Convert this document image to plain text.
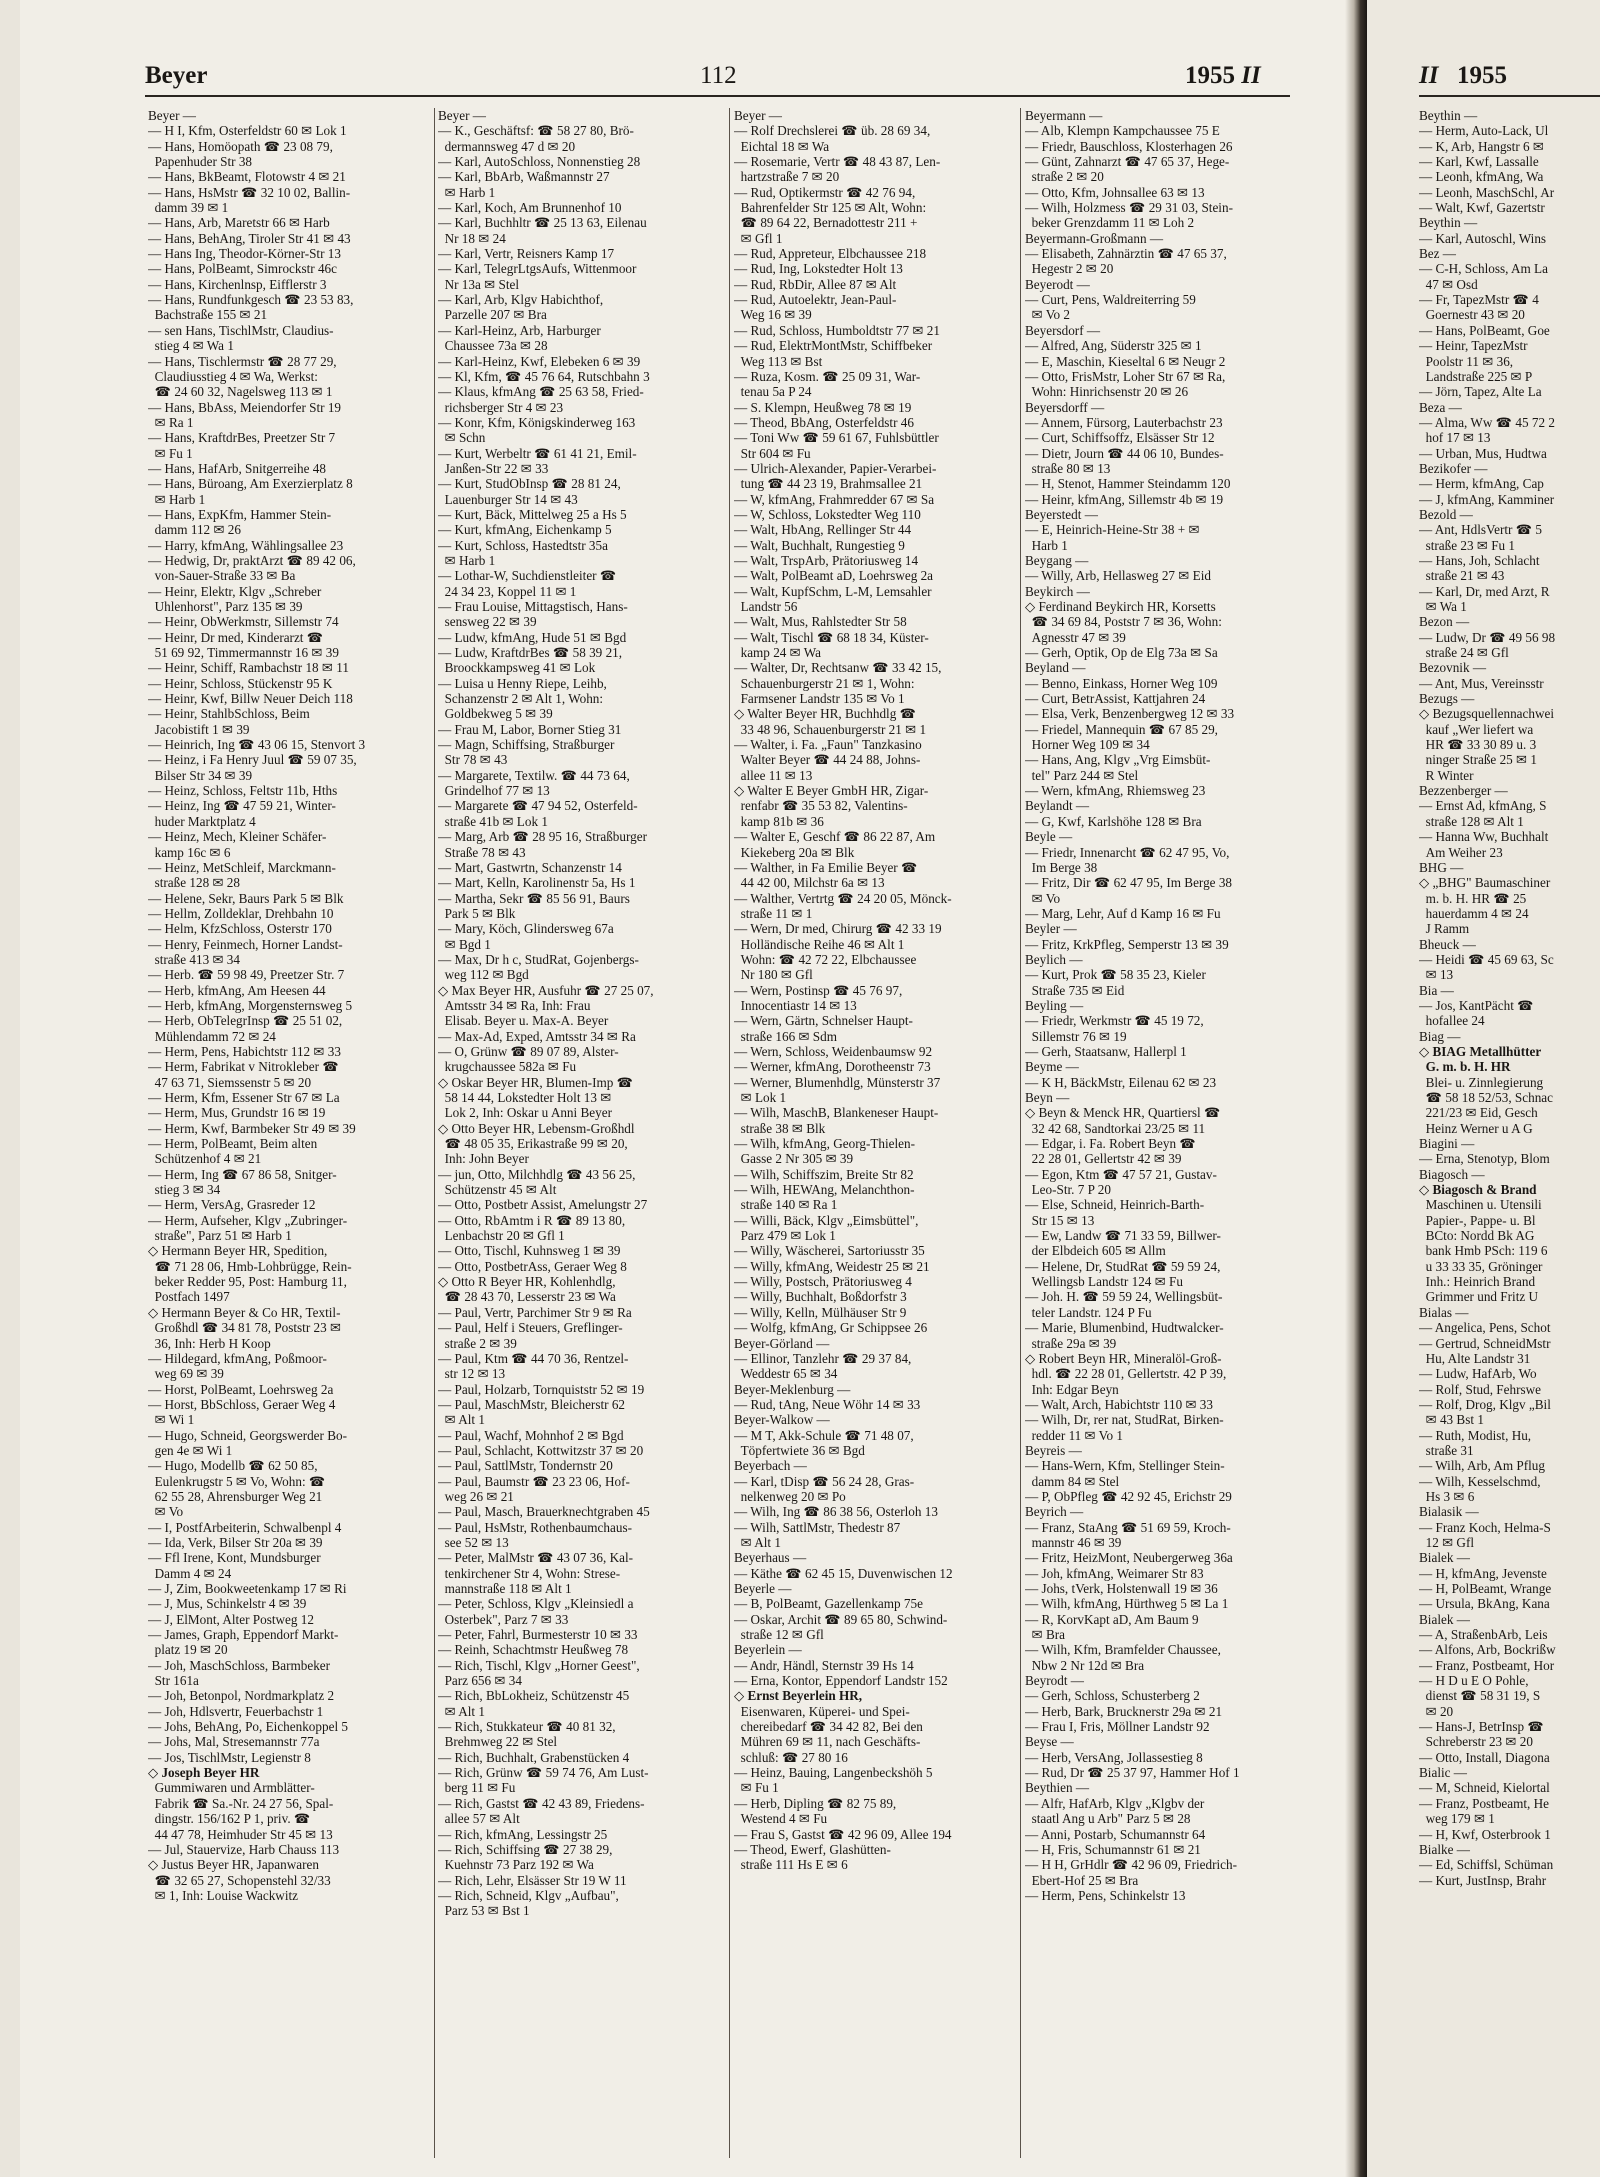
Beyer	112	1955 II
Beyer —
— H I, Kfm, Osterfeldstr 60 ✉ Lok 1
— Hans, Homöopath ☎ 23 08 79,
Papenhuder Str 38
— Hans, BkBeamt, Flotowstr 4 ✉ 21
— Hans, HsMstr ☎ 32 10 02, Ballin-
damm 39 ✉ 1
— Hans, Arb, Maretstr 66 ✉ Harb
— Hans, BehAng, Tiroler Str 41 ✉ 43
— Hans Ing, Theodor-Körner-Str 13
— Hans, PolBeamt, Simrockstr 46c
— Hans, Kirchenlnsp, Eifflerstr 3
— Hans, Rundfunkgesch ☎ 23 53 83,
Bachstraße 155 ✉ 21
— sen Hans, TischlMstr, Claudius-
stieg 4 ✉ Wa 1
— Hans, Tischlermstr ☎ 28 77 29,
Claudiusstieg 4 ✉ Wa, Werkst:
☎ 24 60 32, Nagelsweg 113 ✉ 1
— Hans, BbAss, Meiendorfer Str 19
✉ Ra 1
— Hans, KraftdrBes, Preetzer Str 7
✉ Fu 1
— Hans, HafArb, Snitgerreihe 48
— Hans, Büroang, Am Exerzierplatz 8
✉ Harb 1
— Hans, ExpKfm, Hammer Stein-
damm 112 ✉ 26
— Harry, kfmAng, Wählingsallee 23
— Hedwig, Dr, praktArzt ☎ 89 42 06,
von-Sauer-Straße 33 ✉ Ba
— Heinr, Elektr, Klgv „Schreber
Uhlenhorst", Parz 135 ✉ 39
— Heinr, ObWerkmstr, Sillemstr 74
— Heinr, Dr med, Kinderarzt ☎
51 69 92, Timmermannstr 16 ✉ 39
— Heinr, Schiff, Rambachstr 18 ✉ 11
— Heinr, Schloss, Stückenstr 95 K
— Heinr, Kwf, Billw Neuer Deich 118
— Heinr, StahlbSchloss, Beim
Jacobistift 1 ✉ 39
— Heinrich, Ing ☎ 43 06 15, Stenvort 3
— Heinz, i Fa Henry Juul ☎ 59 07 35,
Bilser Str 34 ✉ 39
— Heinz, Schloss, Feltstr 11b, Hths
— Heinz, Ing ☎ 47 59 21, Winter-
huder Marktplatz 4
— Heinz, Mech, Kleiner Schäfer-
kamp 16c ✉ 6
— Heinz, MetSchleif, Marckmann-
straße 128 ✉ 28
— Helene, Sekr, Baurs Park 5 ✉ Blk
— Hellm, Zolldeklar, Drehbahn 10
— Helm, KfzSchloss, Osterstr 170
— Henry, Feinmech, Horner Landst-
straße 413 ✉ 34
— Herb. ☎ 59 98 49, Preetzer Str. 7
— Herb, kfmAng, Am Heesen 44
— Herb, kfmAng, Morgensternsweg 5
— Herb, ObTelegrInsp ☎ 25 51 02,
Mühlendamm 72 ✉ 24
— Herm, Pens, Habichtstr 112 ✉ 33
— Herm, Fabrikat v Nitrokleber ☎
47 63 71, Siemssenstr 5 ✉ 20
— Herm, Kfm, Essener Str 67 ✉ La
— Herm, Mus, Grundstr 16 ✉ 19
— Herm, Kwf, Barmbeker Str 49 ✉ 39
— Herm, PolBeamt, Beim alten
Schützenhof 4 ✉ 21
— Herm, Ing ☎ 67 86 58, Snitger-
stieg 3 ✉ 34
— Herm, VersAg, Grasreder 12
— Herm, Aufseher, Klgv „Zubringer-
straße", Parz 51 ✉ Harb 1
◇ Hermann Beyer HR, Spedition,
☎ 71 28 06, Hmb-Lohbrügge, Rein-
beker Redder 95, Post: Hamburg 11,
Postfach 1497
◇ Hermann Beyer & Co HR, Textil-
Großhdl ☎ 34 81 78, Poststr 23 ✉
36, Inh: Herb H Koop
— Hildegard, kfmAng, Poßmoor-
weg 69 ✉ 39
— Horst, PolBeamt, Loehrsweg 2a
— Horst, BbSchloss, Geraer Weg 4
✉ Wi 1
— Hugo, Schneid, Georgswerder Bo-
gen 4e ✉ Wi 1
— Hugo, Modellb ☎ 62 50 85,
Eulenkrugstr 5 ✉ Vo, Wohn: ☎
62 55 28, Ahrensburger Weg 21
✉ Vo
— I, PostfArbeiterin, Schwalbenpl 4
— Ida, Verk, Bilser Str 20a ✉ 39
— Ffl Irene, Kont, Mundsburger
Damm 4 ✉ 24
— J, Zim, Bookweetenkamp 17 ✉ Ri
— J, Mus, Schinkelstr 4 ✉ 39
— J, ElMont, Alter Postweg 12
— James, Graph, Eppendorf Markt-
platz 19 ✉ 20
— Joh, MaschSchloss, Barmbeker
Str 161a
— Joh, Betonpol, Nordmarkplatz 2
— Joh, Hdlsvertr, Feuerbachstr 1
— Johs, BehAng, Po, Eichenkoppel 5
— Johs, Mal, Stresemannstr 77a
— Jos, TischlMstr, Legienstr 8
◇ Joseph Beyer HR
Gummiwaren und Armblätter-
Fabrik ☎ Sa.-Nr. 24 27 56, Spal-
dingstr. 156/162 P 1, priv. ☎
44 47 78, Heimhuder Str 45 ✉ 13
— Jul, Stauervize, Harb Chauss 113
◇ Justus Beyer HR, Japanwaren
☎ 32 65 27, Schopenstehl 32/33
✉ 1, Inh: Louise Wackwitz
Beyer —
— K., Geschäftsf: ☎ 58 27 80, Brö-
dermannsweg 47 d ✉ 20
— Karl, AutoSchloss, Nonnenstieg 28
— Karl, BbArb, Waßmannstr 27
✉ Harb 1
— Karl, Koch, Am Brunnenhof 10
— Karl, Buchhltr ☎ 25 13 63, Eilenau
Nr 18 ✉ 24
— Karl, Vertr, Reisners Kamp 17
— Karl, TelegrLtgsAufs, Wittenmoor
Nr 13a ✉ Stel
— Karl, Arb, Klgv Habichthof,
Parzelle 207 ✉ Bra
— Karl-Heinz, Arb, Harburger
Chaussee 73a ✉ 28
— Karl-Heinz, Kwf, Elebeken 6 ✉ 39
— Kl, Kfm, ☎ 45 76 64, Rutschbahn 3
— Klaus, kfmAng ☎ 25 63 58, Fried-
richsberger Str 4 ✉ 23
— Konr, Kfm, Königskinderweg 163
✉ Schn
— Kurt, Werbeltr ☎ 61 41 21, Emil-
Janßen-Str 22 ✉ 33
— Kurt, StudObInsp ☎ 28 81 24,
Lauenburger Str 14 ✉ 43
— Kurt, Bäck, Mittelweg 25 a Hs 5
— Kurt, kfmAng, Eichenkamp 5
— Kurt, Schloss, Hastedtstr 35a
✉ Harb 1
— Lothar-W, Suchdienstleiter ☎
24 34 23, Koppel 11 ✉ 1
— Frau Louise, Mittagstisch, Hans-
sensweg 22 ✉ 39
— Ludw, kfmAng, Hude 51 ✉ Bgd
— Ludw, KraftdrBes ☎ 58 39 21,
Broockkampsweg 41 ✉ Lok
— Luisa u Henny Riepe, Leihb,
Schanzenstr 2 ✉ Alt 1, Wohn:
Goldbekweg 5 ✉ 39
— Frau M, Labor, Borner Stieg 31
— Magn, Schiffsing, Straßburger
Str 78 ✉ 43
— Margarete, Textilw. ☎ 44 73 64,
Grindelhof 77 ✉ 13
— Margarete ☎ 47 94 52, Osterfeld-
straße 41b ✉ Lok 1
— Marg, Arb ☎ 28 95 16, Straßburger
Straße 78 ✉ 43
— Mart, Gastwrtn, Schanzenstr 14
— Mart, Kelln, Karolinenstr 5a, Hs 1
— Martha, Sekr ☎ 85 56 91, Baurs
Park 5 ✉ Blk
— Mary, Köch, Glindersweg 67a
✉ Bgd 1
— Max, Dr h c, StudRat, Gojenbergs-
weg 112 ✉ Bgd
◇ Max Beyer HR, Ausfuhr ☎ 27 25 07,
Amtsstr 34 ✉ Ra, Inh: Frau
Elisab. Beyer u. Max-A. Beyer
— Max-Ad, Exped, Amtsstr 34 ✉ Ra
— O, Grünw ☎ 89 07 89, Alster-
krugchaussee 582a ✉ Fu
◇ Oskar Beyer HR, Blumen-Imp ☎
58 14 44, Lokstedter Holt 13 ✉
Lok 2, Inh: Oskar u Anni Beyer
◇ Otto Beyer HR, Lebensm-Großhdl
☎ 48 05 35, Erikastraße 99 ✉ 20,
Inh: John Beyer
— jun, Otto, Milchhdlg ☎ 43 56 25,
Schützenstr 45 ✉ Alt
— Otto, Postbetr Assist, Amelungstr 27
— Otto, RbAmtm i R ☎ 89 13 80,
Lenbachstr 20 ✉ Gfl 1
— Otto, Tischl, Kuhnsweg 1 ✉ 39
— Otto, PostbetrAss, Geraer Weg 8
◇ Otto R Beyer HR, Kohlenhdlg,
☎ 28 43 70, Lesserstr 23 ✉ Wa
— Paul, Vertr, Parchimer Str 9 ✉ Ra
— Paul, Helf i Steuers, Greflinger-
straße 2 ✉ 39
— Paul, Ktm ☎ 44 70 36, Rentzel-
str 12 ✉ 13
— Paul, Holzarb, Tornquiststr 52 ✉ 19
— Paul, MaschMstr, Bleicherstr 62
✉ Alt 1
— Paul, Wachf, Mohnhof 2 ✉ Bgd
— Paul, Schlacht, Kottwitzstr 37 ✉ 20
— Paul, SattlMstr, Tondernstr 20
— Paul, Baumstr ☎ 23 23 06, Hof-
weg 26 ✉ 21
— Paul, Masch, Brauerknechtgraben 45
— Paul, HsMstr, Rothenbaumchaus-
see 52 ✉ 13
— Peter, MalMstr ☎ 43 07 36, Kal-
tenkirchener Str 4, Wohn: Strese-
mannstraße 118 ✉ Alt 1
— Peter, Schloss, Klgv „Kleinsiedl a
Osterbek", Parz 7 ✉ 33
— Peter, Fahrl, Burmesterstr 10 ✉ 33
— Reinh, Schachtmstr Heußweg 78
— Rich, Tischl, Klgv „Horner Geest",
Parz 656 ✉ 34
— Rich, BbLokheiz, Schützenstr 45
✉ Alt 1
— Rich, Stukkateur ☎ 40 81 32,
Brehmweg 22 ✉ Stel
— Rich, Buchhalt, Grabenstücken 4
— Rich, Grünw ☎ 59 74 76, Am Lust-
berg 11 ✉ Fu
— Rich, Gastst ☎ 42 43 89, Friedens-
allee 57 ✉ Alt
— Rich, kfmAng, Lessingstr 25
— Rich, Schiffsing ☎ 27 38 29,
Kuehnstr 73 Parz 192 ✉ Wa
— Rich, Lehr, Elsässer Str 19 W 11
— Rich, Schneid, Klgv „Aufbau",
Parz 53 ✉ Bst 1
Beyer —
— Rolf Drechslerei ☎ üb. 28 69 34,
Eichtal 18 ✉ Wa
— Rosemarie, Vertr ☎ 48 43 87, Len-
hartzstraße 7 ✉ 20
— Rud, Optikermstr ☎ 42 76 94,
Bahrenfelder Str 125 ✉ Alt, Wohn:
☎ 89 64 22, Bernadottestr 211 +
✉ Gfl 1
— Rud, Appreteur, Elbchaussee 218
— Rud, Ing, Lokstedter Holt 13
— Rud, RbDir, Allee 87 ✉ Alt
— Rud, Autoelektr, Jean-Paul-
Weg 16 ✉ 39
— Rud, Schloss, Humboldtstr 77 ✉ 21
— Rud, ElektrMontMstr, Schiffbeker
Weg 113 ✉ Bst
— Ruza, Kosm. ☎ 25 09 31, War-
tenau 5a P 24
— S. Klempn, Heußweg 78 ✉ 19
— Theod, BbAng, Osterfeldstr 46
— Toni Ww ☎ 59 61 67, Fuhlsbüttler
Str 604 ✉ Fu
— Ulrich-Alexander, Papier-Verarbei-
tung ☎ 44 23 19, Brahmsallee 21
— W, kfmAng, Frahmredder 67 ✉ Sa
— W, Schloss, Lokstedter Weg 110
— Walt, HbAng, Rellinger Str 44
— Walt, Buchhalt, Rungestieg 9
— Walt, TrspArb, Prätoriusweg 14
— Walt, PolBeamt aD, Loehrsweg 2a
— Walt, KupfSchm, L-M, Lemsahler
Landstr 56
— Walt, Mus, Rahlstedter Str 58
— Walt, Tischl ☎ 68 18 34, Küster-
kamp 24 ✉ Wa
— Walter, Dr, Rechtsanw ☎ 33 42 15,
Schauenburgerstr 21 ✉ 1, Wohn:
Farmsener Landstr 135 ✉ Vo 1
◇ Walter Beyer HR, Buchhdlg ☎
33 48 96, Schauenburgerstr 21 ✉ 1
— Walter, i. Fa. „Faun" Tanzkasino
Walter Beyer ☎ 44 24 88, Johns-
allee 11 ✉ 13
◇ Walter E Beyer GmbH HR, Zigar-
renfabr ☎ 35 53 82, Valentins-
kamp 81b ✉ 36
— Walter E, Geschf ☎ 86 22 87, Am
Kiekeberg 20a ✉ Blk
— Walther, in Fa Emilie Beyer ☎
44 42 00, Milchstr 6a ✉ 13
— Walther, Vertrtg ☎ 24 20 05, Mönck-
straße 11 ✉ 1
— Wern, Dr med, Chirurg ☎ 42 33 19
Holländische Reihe 46 ✉ Alt 1
Wohn: ☎ 42 72 22, Elbchaussee
Nr 180 ✉ Gfl
— Wern, Postinsp ☎ 45 76 97,
Innocentiastr 14 ✉ 13
— Wern, Gärtn, Schnelser Haupt-
straße 166 ✉ Sdm
— Wern, Schloss, Weidenbaumsw 92
— Werner, kfmAng, Dorotheenstr 73
— Werner, Blumenhdlg, Münsterstr 37
✉ Lok 1
— Wilh, MaschB, Blankeneser Haupt-
straße 38 ✉ Blk
— Wilh, kfmAng, Georg-Thielen-
Gasse 2 Nr 305 ✉ 39
— Wilh, Schiffszim, Breite Str 82
— Wilh, HEWAng, Melanchthon-
straße 140 ✉ Ra 1
— Willi, Bäck, Klgv „Eimsbüttel",
Parz 479 ✉ Lok 1
— Willy, Wäscherei, Sartoriusstr 35
— Willy, kfmAng, Weidestr 25 ✉ 21
— Willy, Postsch, Prätoriusweg 4
— Willy, Buchhalt, Boßdorfstr 3
— Willy, Kelln, Mülhäuser Str 9
— Wolfg, kfmAng, Gr Schippsee 26
Beyer-Görland —
— Ellinor, Tanzlehr ☎ 29 37 84,
Weddestr 65 ✉ 34
Beyer-Meklenburg —
— Rud, tAng, Neue Wöhr 14 ✉ 33
Beyer-Walkow —
— M T, Akk-Schule ☎ 71 48 07,
Töpfertwiete 36 ✉ Bgd
Beyerbach —
— Karl, tDisp ☎ 56 24 28, Gras-
nelkenweg 20 ✉ Po
— Wilh, Ing ☎ 86 38 56, Osterloh 13
— Wilh, SattlMstr, Thedestr 87
✉ Alt 1
Beyerhaus —
— Käthe ☎ 62 45 15, Duvenwischen 12
Beyerle —
— B, PolBeamt, Gazellenkamp 75e
— Oskar, Archit ☎ 89 65 80, Schwind-
straße 12 ✉ Gfl
Beyerlein —
— Andr, Händl, Sternstr 39 Hs 14
— Erna, Kontor, Eppendorf Landstr 152
◇ Ernst Beyerlein HR,
Eisenwaren, Küperei- und Spei-
chereibedarf ☎ 34 42 82, Bei den
Mühren 69 ✉ 11, nach Geschäfts-
schluß: ☎ 27 80 16
— Heinz, Bauing, Langenbeckshöh 5
✉ Fu 1
— Herb, Dipling ☎ 82 75 89,
Westend 4 ✉ Fu
— Frau S, Gastst ☎ 42 96 09, Allee 194
— Theod, Ewerf, Glashütten-
straße 111 Hs E ✉ 6
Beyermann —
— Alb, Klempn Kampchaussee 75 E
— Friedr, Bauschloss, Klosterhagen 26
— Günt, Zahnarzt ☎ 47 65 37, Hege-
straße 2 ✉ 20
— Otto, Kfm, Johnsallee 63 ✉ 13
— Wilh, Holzmess ☎ 29 31 03, Stein-
beker Grenzdamm 11 ✉ Loh 2
Beyermann-Großmann —
— Elisabeth, Zahnärztin ☎ 47 65 37,
Hegestr 2 ✉ 20
Beyerodt —
— Curt, Pens, Waldreiterring 59
✉ Vo 2
Beyersdorf —
— Alfred, Ang, Süderstr 325 ✉ 1
— E, Maschin, Kieseltal 6 ✉ Neugr 2
— Otto, FrisMstr, Loher Str 67 ✉ Ra,
Wohn: Hinrichsenstr 20 ✉ 26
Beyersdorff —
— Annem, Fürsorg, Lauterbachstr 23
— Curt, Schiffsoffz, Elsässer Str 12
— Dietr, Journ ☎ 44 06 10, Bundes-
straße 80 ✉ 13
— H, Stenot, Hammer Steindamm 120
— Heinr, kfmAng, Sillemstr 4b ✉ 19
Beyerstedt —
— E, Heinrich-Heine-Str 38 + ✉
Harb 1
Beygang —
— Willy, Arb, Hellasweg 27 ✉ Eid
Beykirch —
◇ Ferdinand Beykirch HR, Korsetts
☎ 34 69 84, Poststr 7 ✉ 36, Wohn:
Agnesstr 47 ✉ 39
— Gerh, Optik, Op de Elg 73a ✉ Sa
Beyland —
— Benno, Einkass, Horner Weg 109
— Curt, BetrAssist, Kattjahren 24
— Elsa, Verk, Benzenbergweg 12 ✉ 33
— Friedel, Mannequin ☎ 67 85 29,
Horner Weg 109 ✉ 34
— Hans, Ang, Klgv „Vrg Eimsbüt-
tel" Parz 244 ✉ Stel
— Wern, kfmAng, Rhiemsweg 23
Beylandt —
— G, Kwf, Karlshöhe 128 ✉ Bra
Beyle —
— Friedr, Innenarcht ☎ 62 47 95, Vo,
Im Berge 38
— Fritz, Dir ☎ 62 47 95, Im Berge 38
✉ Vo
— Marg, Lehr, Auf d Kamp 16 ✉ Fu
Beyler —
— Fritz, KrkPfleg, Semperstr 13 ✉ 39
Beylich —
— Kurt, Prok ☎ 58 35 23, Kieler
Straße 735 ✉ Eid
Beyling —
— Friedr, Werkmstr ☎ 45 19 72,
Sillemstr 76 ✉ 19
— Gerh, Staatsanw, Hallerpl 1
Beyme —
— K H, BäckMstr, Eilenau 62 ✉ 23
Beyn —
◇ Beyn & Menck HR, Quartiersl ☎
32 42 68, Sandtorkai 23/25 ✉ 11
— Edgar, i. Fa. Robert Beyn ☎
22 28 01, Gellertstr 42 ✉ 39
— Egon, Ktm ☎ 47 57 21, Gustav-
Leo-Str. 7 P 20
— Else, Schneid, Heinrich-Barth-
Str 15 ✉ 13
— Ew, Landw ☎ 71 33 59, Billwer-
der Elbdeich 605 ✉ Allm
— Helene, Dr, StudRat ☎ 59 59 24,
Wellingsb Landstr 124 ✉ Fu
— Joh. H. ☎ 59 59 24, Wellingsbüt-
teler Landstr. 124 P Fu
— Marie, Blumenbind, Hudtwalcker-
straße 29a ✉ 39
◇ Robert Beyn HR, Mineralöl-Groß-
hdl. ☎ 22 28 01, Gellertstr. 42 P 39,
Inh: Edgar Beyn
— Walt, Arch, Habichtstr 110 ✉ 33
— Wilh, Dr, rer nat, StudRat, Birken-
redder 11 ✉ Vo 1
Beyreis —
— Hans-Wern, Kfm, Stellinger Stein-
damm 84 ✉ Stel
— P, ObPfleg ☎ 42 92 45, Erichstr 29
Beyrich —
— Franz, StaAng ☎ 51 69 59, Kroch-
mannstr 46 ✉ 39
— Fritz, HeizMont, Neubergerweg 36a
— Joh, kfmAng, Weimarer Str 83
— Johs, tVerk, Holstenwall 19 ✉ 36
— Wilh, kfmAng, Hürthweg 5 ✉ La 1
— R, KorvKapt aD, Am Baum 9
✉ Bra
— Wilh, Kfm, Bramfelder Chaussee,
Nbw 2 Nr 12d ✉ Bra
Beyrodt —
— Gerh, Schloss, Schusterberg 2
— Herb, Bark, Brucknerstr 29a ✉ 21
— Frau I, Fris, Möllner Landstr 92
Beyse —
— Herb, VersAng, Jollassestieg 8
— Rud, Dr ☎ 25 37 97, Hammer Hof 1
Beythien —
— Alfr, HafArb, Klgv „Klgbv der
staatl Ang u Arb" Parz 5 ✉ 28
— Anni, Postarb, Schumannstr 64
— H, Fris, Schumannstr 61 ✉ 21
— H H, GrHdlr ☎ 42 96 09, Friedrich-
Ebert-Hof 25 ✉ Bra
— Herm, Pens, Schinkelstr 13
II 1955
Beythin —
— Herm, Auto-Lack, Ul
— K, Arb, Hangstr 6 ✉
— Karl, Kwf, Lassalle
— Leonh, kfmAng, Wa
— Leonh, MaschSchl, Ar
— Walt, Kwf, Gazertstr
Beythin —
— Karl, Autoschl, Wins
Bez —
— C-H, Schloss, Am La
47 ✉ Osd
— Fr, TapezMstr ☎ 4
Goernestr 43 ✉ 20
— Hans, PolBeamt, Goe
— Heinr, TapezMstr
Poolstr 11 ✉ 36,
Landstraße 225 ✉ P
— Jörn, Tapez, Alte La
Beza —
— Alma, Ww ☎ 45 72 2
hof 17 ✉ 13
— Urban, Mus, Hudtwa
Bezikofer —
— Herm, kfmAng, Cap
— J, kfmAng, Kamminer
Bezold —
— Ant, HdlsVertr ☎ 5
straße 23 ✉ Fu 1
— Hans, Joh, Schlacht
straße 21 ✉ 43
— Karl, Dr, med Arzt, R
✉ Wa 1
Bezon —
— Ludw, Dr ☎ 49 56 98
straße 24 ✉ Gfl
Bezovnik —
— Ant, Mus, Vereinsstr
Bezugs —
◇ Bezugsquellennachwei
kauf „Wer liefert wa
HR ☎ 33 30 89 u. 3
ninger Straße 25 ✉ 1
R Winter
Bezzenberger —
— Ernst Ad, kfmAng, S
straße 128 ✉ Alt 1
— Hanna Ww, Buchhalt
Am Weiher 23
BHG —
◇ „BHG" Baumaschiner
m. b. H. HR ☎ 25
hauerdamm 4 ✉ 24
J Ramm
Bheuck —
— Heidi ☎ 45 69 63, Sc
✉ 13
Bia —
— Jos, KantPächt ☎
hofallee 24
Biag —
◇ BIAG Metallhütter
G. m. b. H. HR
Blei- u. Zinnlegierung
☎ 58 18 52/53, Schnac
221/23 ✉ Eid, Gesch
Heinz Werner u A G
Biagini —
— Erna, Stenotyp, Blom
Biagosch —
◇ Biagosch & Brand
Maschinen u. Utensili
Papier-, Pappe- u. Bl
BCto: Nordd Bk AG
bank Hmb PSch: 119 6
u 33 33 35, Gröninger
Inh.: Heinrich Brand
Grimmer und Fritz U
Bialas —
— Angelica, Pens, Schot
— Gertrud, SchneidMstr
Hu, Alte Landstr 31
— Ludw, HafArb, Wo
— Rolf, Stud, Fehrswe
— Rolf, Drog, Klgv „Bil
✉ 43 Bst 1
— Ruth, Modist, Hu,
straße 31
— Wilh, Arb, Am Pflug
— Wilh, Kesselschmd,
Hs 3 ✉ 6
Bialasik —
— Franz Koch, Helma-S
12 ✉ Gfl
Bialek —
— H, kfmAng, Jevenste
— H, PolBeamt, Wrange
— Ursula, BkAng, Kana
Bialek —
— A, StraßenbArb, Leis
— Alfons, Arb, Bockrißw
— Franz, Postbeamt, Hor
— H D u E O Pohle,
dienst ☎ 58 31 19, S
✉ 20
— Hans-J, BetrInsp ☎
Schreberstr 23 ✉ 20
— Otto, Install, Diagona
Bialic —
— M, Schneid, Kielortal
— Franz, Postbeamt, He
weg 179 ✉ 1
— H, Kwf, Osterbrook 1
Bialke —
— Ed, Schiffsl, Schüman
— Kurt, JustInsp, Brahr
